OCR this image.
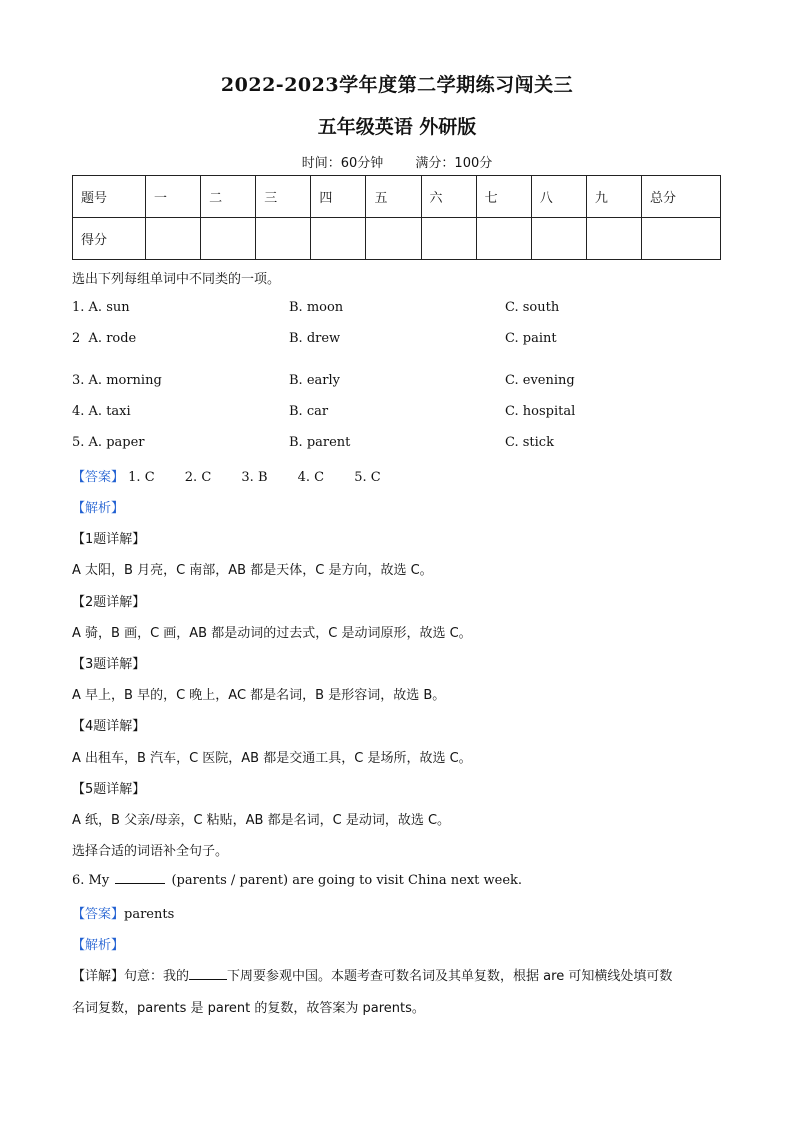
2022-2023学年度第二学期练习闯关三
五年级英语 外研版
时间：60分钟 满分：100分
题号	一	二	三	四	五	六	七	八	九	总分
得分										
选出下列每组单词中不同类的一项。
1. A. sun	B. moon	C. south
2  A. rode	B. drew	C. paint
3. A. morning	B. early	C. evening
4. A. taxi	B. car	C. hospital
5. A. paper	B. parent	C. stick
【答案】 1. C 2. C 3. B 4. C 5. C
【解析】
【1题详解】
A 太阳，B 月亮，C 南部，AB 都是天体，C 是方向，故选 C。
【2题详解】
A 骑，B 画，C 画，AB 都是动词的过去式，C 是动词原形，故选 C。
【3题详解】
A 早上，B 早的，C 晚上，AC 都是名词，B 是形容词，故选 B。
【4题详解】
A 出租车，B 汽车，C 医院，AB 都是交通工具，C 是场所，故选 C。
【5题详解】
A 纸，B 父亲/母亲，C 粘贴，AB 都是名词，C 是动词，故选 C。
选择合适的词语补全句子。
6. My	(parents / parent) are going to visit China next week.
【答案】parents
【解析】
【详解】句意：我的	下周要参观中国。本题考查可数名词及其单复数，根据 are 可知横线处填可数
名词复数，parents 是 parent 的复数，故答案为 parents。
